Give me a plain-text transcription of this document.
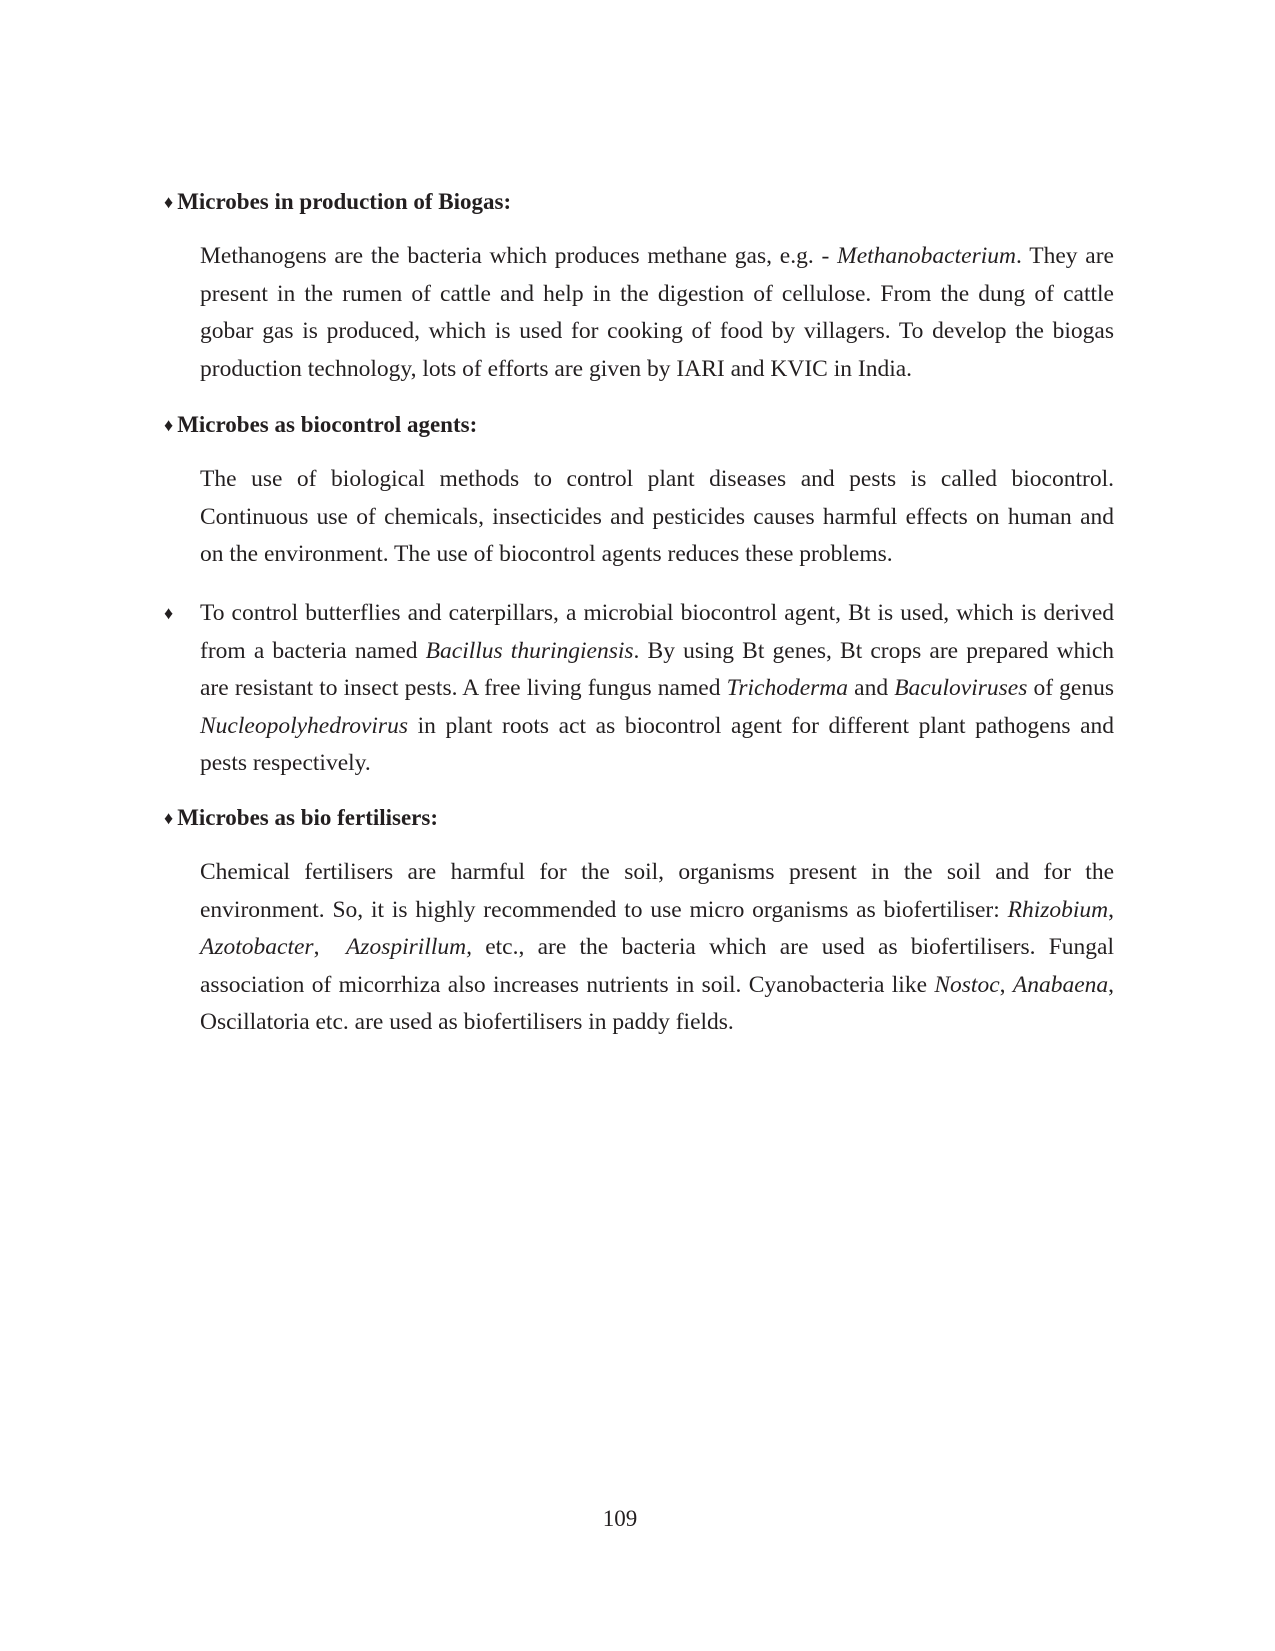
♦ Microbes in production of Biogas:
Methanogens are the bacteria which produces methane gas, e.g. - Methanobacterium. They are present in the rumen of cattle and help in the digestion of cellulose. From the dung of cattle gobar gas is produced, which is used for cooking of food by villagers. To develop the biogas production technology, lots of efforts are given by IARI and KVIC in India.
♦ Microbes as biocontrol agents:
The use of biological methods to control plant diseases and pests is called biocontrol. Continuous use of chemicals, insecticides and pesticides causes harmful effects on human and on the environment. The use of biocontrol agents reduces these problems.
♦ To control butterflies and caterpillars, a microbial biocontrol agent, Bt is used, which is derived from a bacteria named Bacillus thuringiensis. By using Bt genes, Bt crops are prepared which are resistant to insect pests. A free living fungus named Trichoderma and Baculoviruses of genus Nucleopolyhedrovirus in plant roots act as biocontrol agent for different plant pathogens and pests respectively.
♦ Microbes as bio fertilisers:
Chemical fertilisers are harmful for the soil, organisms present in the soil and for the environment. So, it is highly recommended to use micro organisms as biofertiliser: Rhizobium, Azotobacter,  Azospirillum, etc., are the bacteria which are used as biofertilisers. Fungal association of micorrhiza also increases nutrients in soil. Cyanobacteria like Nostoc, Anabaena, Oscillatoria etc. are used as biofertilisers in paddy fields.
109
